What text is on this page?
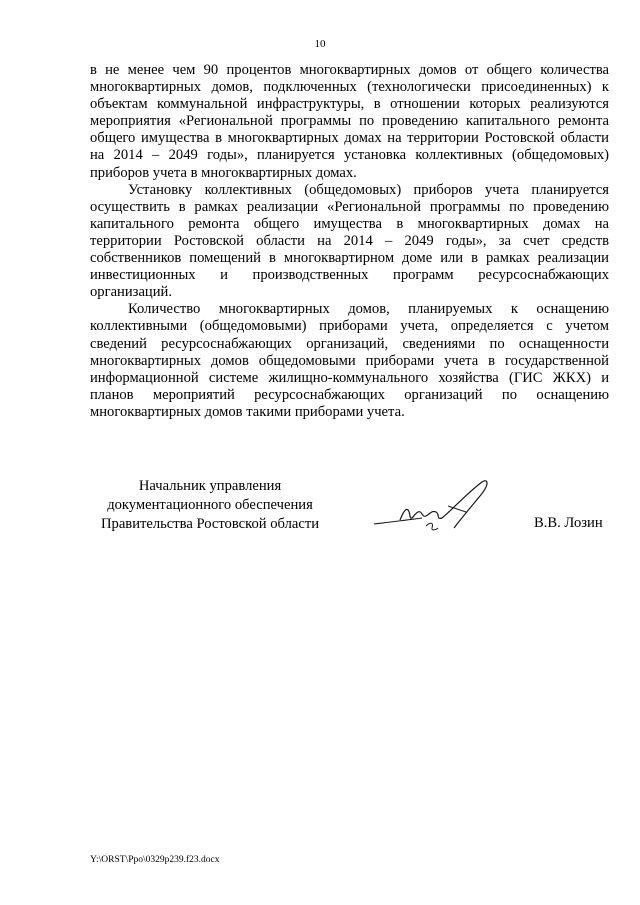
10

в не менее чем 90 процентов многоквартирных домов от общего количества многоквартирных домов, подключенных (технологически присоединенных) к объектам коммунальной инфраструктуры, в отношении которых реализуются мероприятия «Региональной программы по проведению капитального ремонта общего имущества в многоквартирных домах на территории Ростовской области на 2014 – 2049 годы», планируется установка коллективных (общедомовых) приборов учета в многоквартирных домах.

Установку коллективных (общедомовых) приборов учета планируется осуществить в рамках реализации «Региональной программы по проведению капитального ремонта общего имущества в многоквартирных домах на территории Ростовской области на 2014 – 2049 годы», за счет средств собственников помещений в многоквартирном доме или в рамках реализации инвестиционных и производственных программ ресурсоснабжающих организаций.

Количество многоквартирных домов, планируемых к оснащению коллективными (общедомовыми) приборами учета, определяется с учетом сведений ресурсоснабжающих организаций, сведениями по оснащенности многоквартирных домов общедомовыми приборами учета в государственной информационной системе жилищно-коммунального хозяйства (ГИС ЖКХ) и планов мероприятий ресурсоснабжающих организаций по оснащению многоквартирных домов такими приборами учета.

Начальник управления
документационного обеспечения
Правительства Ростовской области	В.В. Лозин
Y:\ORST\Ppo\0329p239.f23.docx
